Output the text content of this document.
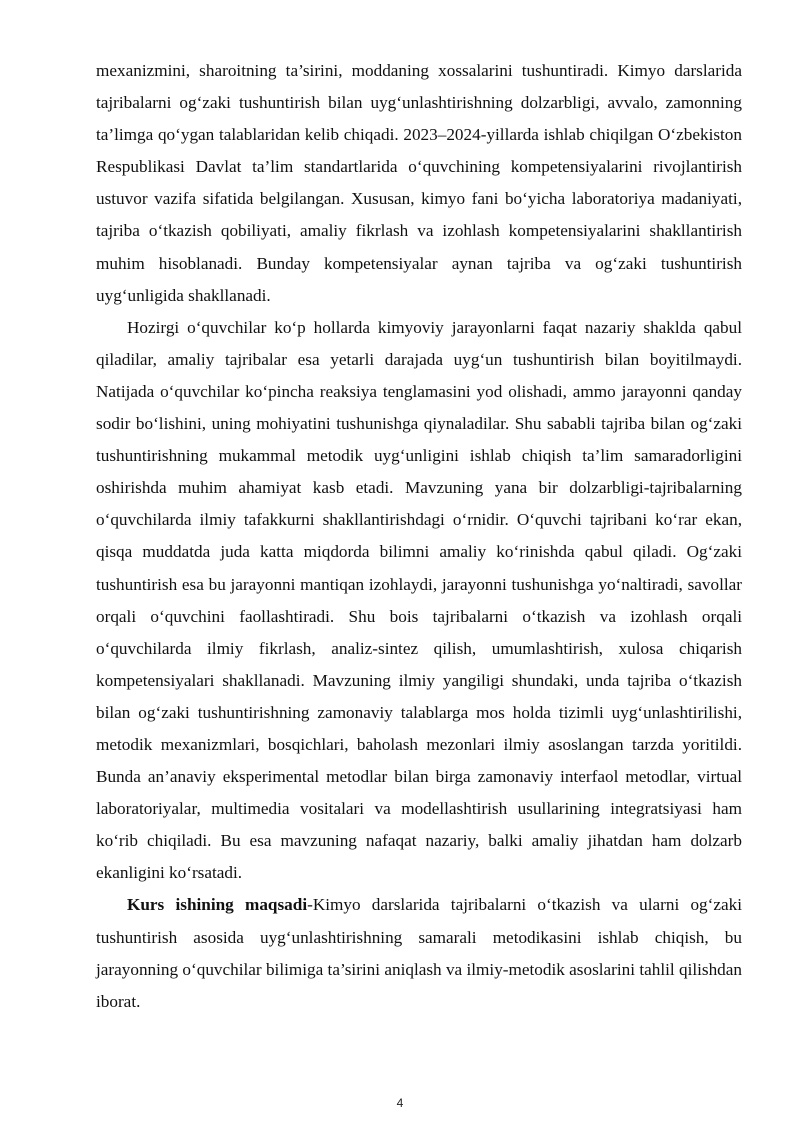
mexanizmini, sharoitning ta’sirini, moddaning xossalarini tushuntiradi. Kimyo darslarida tajribalarni og‘zaki tushuntirish bilan uyg‘unlashtirishning dolzarbligi, avvalo, zamonning ta’limga qo‘ygan talablaridan kelib chiqadi. 2023–2024-yillarda ishlab chiqilgan O‘zbekiston Respublikasi Davlat ta’lim standartlarida o‘quvchining kompetensiyalarini rivojlantirish ustuvor vazifa sifatida belgilangan. Xususan, kimyo fani bo‘yicha laboratoriya madaniyati, tajriba o‘tkazish qobiliyati, amaliy fikrlash va izohlash kompetensiyalarini shakllantirish muhim hisoblanadi. Bunday kompetensiyalar aynan tajriba va og‘zaki tushuntirish uyg‘unligida shakllanadi.

Hozirgi o‘quvchilar ko‘p hollarda kimyoviy jarayonlarni faqat nazariy shaklda qabul qiladilar, amaliy tajribalar esa yetarli darajada uyg‘un tushuntirish bilan boyitilmaydi. Natijada o‘quvchilar ko‘pincha reaksiya tenglamasini yod olishadi, ammo jarayonni qanday sodir bo‘lishini, uning mohiyatini tushunishga qiynaladilar. Shu sababli tajriba bilan og‘zaki tushuntirishning mukammal metodik uyg‘unligini ishlab chiqish ta’lim samaradorligini oshirishda muhim ahamiyat kasb etadi. Mavzuning yana bir dolzarbligi-tajribalarning o‘quvchilarda ilmiy tafakkurni shakllantirishdagi o‘rnidir. O‘quvchi tajribani ko‘rar ekan, qisqa muddatda juda katta miqdorda bilimni amaliy ko‘rinishda qabul qiladi. Og‘zaki tushuntirish esa bu jarayonni mantiqan izohlaydi, jarayonni tushunishga yo‘naltiradi, savollar orqali o‘quvchini faollashtiradi. Shu bois tajribalarni o‘tkazish va izohlash orqali o‘quvchilarda ilmiy fikrlash, analiz-sintez qilish, umumlashtirish, xulosa chiqarish kompetensiyalari shakllanadi. Mavzuning ilmiy yangiligi shundaki, unda tajriba o‘tkazish bilan og‘zaki tushuntirishning zamonaviy talablarga mos holda tizimli uyg‘unlashtirilishi, metodik mexanizmlari, bosqichlari, baholash mezonlari ilmiy asoslangan tarzda yoritildi. Bunda an’anaviy eksperimental metodlar bilan birga zamonaviy interfaol metodlar, virtual laboratoriyalar, multimedia vositalari va modellashtirish usullarining integratsiyasi ham ko‘rib chiqiladi. Bu esa mavzuning nafaqat nazariy, balki amaliy jihatdan ham dolzarb ekanligini ko‘rsatadi.

Kurs ishining maqsadi-Kimyo darslarida tajribalarni o‘tkazish va ularni og‘zaki tushuntirish asosida uyg‘unlashtirishning samarali metodikasini ishlab chiqish, bu jarayonning o‘quvchilar bilimiga ta’sirini aniqlash va ilmiy-metodik asoslarini tahlil qilishdan iborat.

4
